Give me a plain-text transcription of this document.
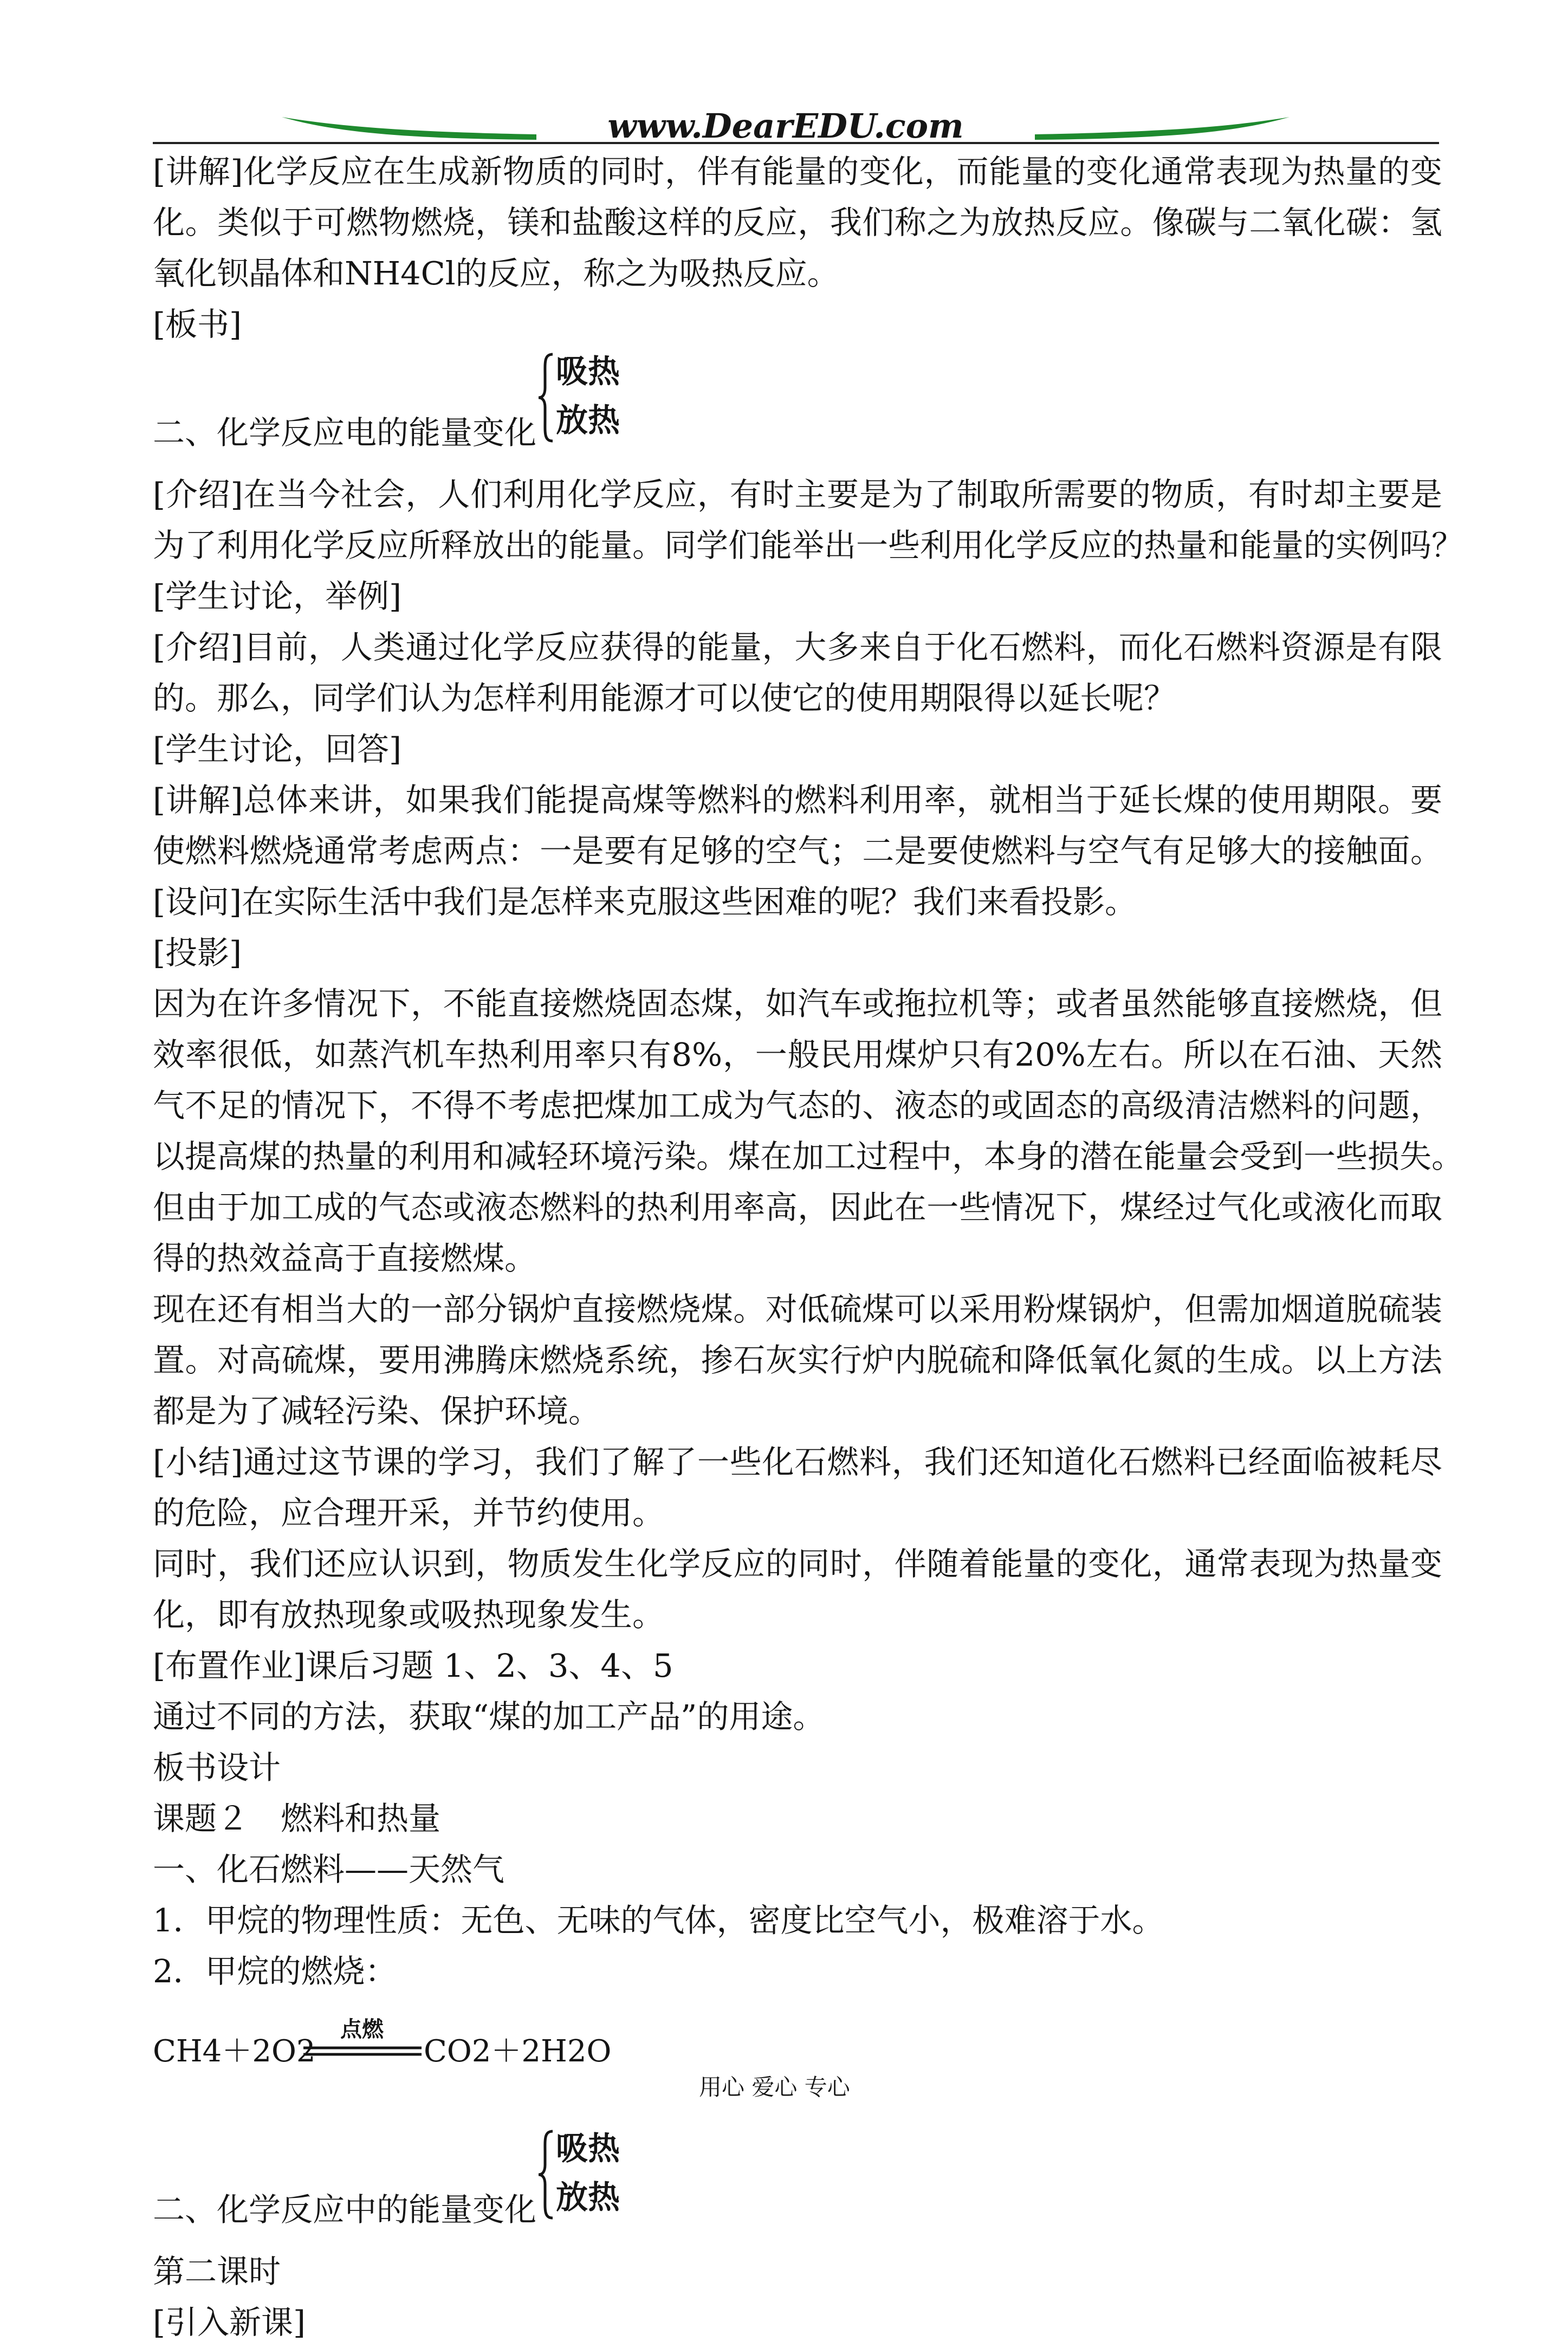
www.DearEDU.com
[讲解]化学反应在生成新物质的同时，伴有能量的变化，而能量的变化通常表现为热量的变
化。类似于可燃物燃烧，镁和盐酸这样的反应，我们称之为放热反应。像碳与二氧化碳：氢
氧化钡晶体和NH4Cl的反应，称之为吸热反应。
[板书]
二、化学反应电的能量变化
吸热
放热
[介绍]在当今社会，人们利用化学反应，有时主要是为了制取所需要的物质，有时却主要是
为了利用化学反应所释放出的能量。同学们能举出一些利用化学反应的热量和能量的实例吗？
[学生讨论，举例]
[介绍]目前，人类通过化学反应获得的能量，大多来自于化石燃料，而化石燃料资源是有限
的。那么，同学们认为怎样利用能源才可以使它的使用期限得以延长呢？
[学生讨论，回答]
[讲解]总体来讲，如果我们能提高煤等燃料的燃料利用率，就相当于延长煤的使用期限。要
使燃料燃烧通常考虑两点：一是要有足够的空气；二是要使燃料与空气有足够大的接触面。
[设问]在实际生活中我们是怎样来克服这些困难的呢？我们来看投影。
[投影]
因为在许多情况下，不能直接燃烧固态煤，如汽车或拖拉机等；或者虽然能够直接燃烧，但
效率很低，如蒸汽机车热利用率只有8%，一般民用煤炉只有20%左右。所以在石油、天然
气不足的情况下，不得不考虑把煤加工成为气态的、液态的或固态的高级清洁燃料的问题，
以提高煤的热量的利用和减轻环境污染。煤在加工过程中，本身的潜在能量会受到一些损失。
但由于加工成的气态或液态燃料的热利用率高，因此在一些情况下，煤经过气化或液化而取
得的热效益高于直接燃煤。
现在还有相当大的一部分锅炉直接燃烧煤。对低硫煤可以采用粉煤锅炉，但需加烟道脱硫装
置。对高硫煤，要用沸腾床燃烧系统，掺石灰实行炉内脱硫和降低氧化氮的生成。以上方法
都是为了减轻污染、保护环境。
[小结]通过这节课的学习，我们了解了一些化石燃料，我们还知道化石燃料已经面临被耗尽
的危险，应合理开采，并节约使用。
同时，我们还应认识到，物质发生化学反应的同时，伴随着能量的变化，通常表现为热量变
化，即有放热现象或吸热现象发生。
[布置作业]课后习题 1、2、3、4、5
通过不同的方法，获取“煤的加工产品”的用途。
板书设计
课题２　燃料和热量
一、化石燃料——天然气
1．甲烷的物理性质：无色、无味的气体，密度比空气小，极难溶于水。
2．甲烷的燃烧：
CH4＋2O2
点燃
CO2＋2H2O
二、化学反应中的能量变化
吸热
放热
第二课时
[引入新课]
用心 爱心 专心
